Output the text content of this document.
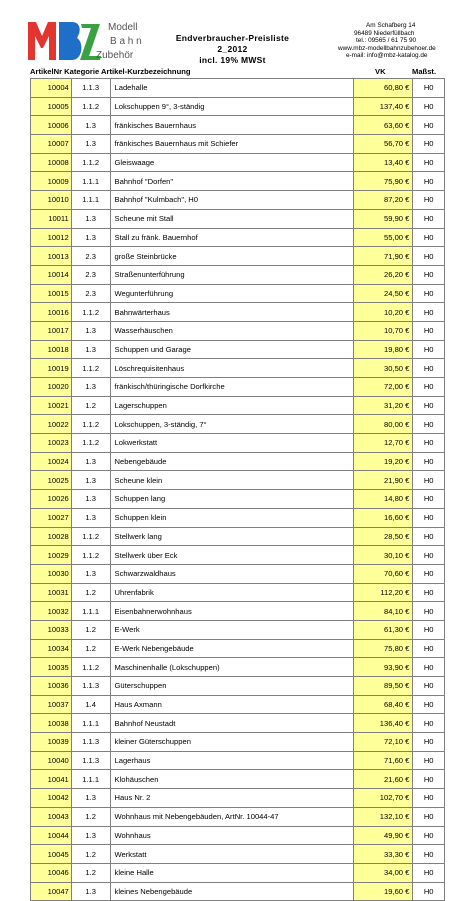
Modell
B a h n
Zubehör
Endverbraucher-Preisliste 2_2012
incl. 19% MWSt
Am Schafberg 14
96489 Niederfüllbach
tel.: 09565 / 61 75 90
www.mbz-modellbahnzubehoer.de
e-mail: info@mbz-katalog.de
ArtikelNr Kategorie Artikel-Kurzbezeichnung	VK	Maßst.
10004	1.1.3	Ladehalle	60,80 €	H0
10005	1.1.2	Lokschuppen 9°, 3-ständig	137,40 €	H0
10006	1.3	fränkisches Bauernhaus	63,60 €	H0
10007	1.3	fränkisches Bauernhaus mit Schiefer	56,70 €	H0
10008	1.1.2	Gleiswaage	13,40 €	H0
10009	1.1.1	Bahnhof "Dorfen"	75,90 €	H0
10010	1.1.1	Bahnhof "Kulmbach", H0	87,20 €	H0
10011	1.3	Scheune mit Stall	59,90 €	H0
10012	1.3	Stall zu fränk. Bauernhof	55,00 €	H0
10013	2.3	große Steinbrücke	71,90 €	H0
10014	2.3	Straßenunterführung	26,20 €	H0
10015	2.3	Wegunterführung	24,50 €	H0
10016	1.1.2	Bahnwärterhaus	10,20 €	H0
10017	1.3	Wasserhäuschen	10,70 €	H0
10018	1.3	Schuppen und Garage	19,80 €	H0
10019	1.1.2	Löschrequisitenhaus	30,50 €	H0
10020	1.3	fränkisch/thüringische Dorfkirche	72,00 €	H0
10021	1.2	Lagerschuppen	31,20 €	H0
10022	1.1.2	Lokschuppen, 3-ständig, 7°	80,00 €	H0
10023	1.1.2	Lokwerkstatt	12,70 €	H0
10024	1.3	Nebengebäude	19,20 €	H0
10025	1.3	Scheune klein	21,90 €	H0
10026	1.3	Schuppen lang	14,80 €	H0
10027	1.3	Schuppen klein	16,60 €	H0
10028	1.1.2	Stellwerk lang	28,50 €	H0
10029	1.1.2	Stellwerk über Eck	30,10 €	H0
10030	1.3	Schwarzwaldhaus	70,60 €	H0
10031	1.2	Uhrenfabrik	112,20 €	H0
10032	1.1.1	Eisenbahnerwohnhaus	84,10 €	H0
10033	1.2	E-Werk	61,30 €	H0
10034	1.2	E-Werk Nebengebäude	75,80 €	H0
10035	1.1.2	Maschinenhalle (Lokschuppen)	93,90 €	H0
10036	1.1.3	Güterschuppen	89,50 €	H0
10037	1.4	Haus Axmann	68,40 €	H0
10038	1.1.1	Bahnhof Neustadt	136,40 €	H0
10039	1.1.3	kleiner Güterschuppen	72,10 €	H0
10040	1.1.3	Lagerhaus	71,60 €	H0
10041	1.1.1	Klohäuschen	21,60 €	H0
10042	1.3	Haus Nr. 2	102,70 €	H0
10043	1.2	Wohnhaus mit Nebengebäuden, ArtNr. 10044-47	132,10 €	H0
10044	1.3	Wohnhaus	49,90 €	H0
10045	1.2	Werkstatt	33,30 €	H0
10046	1.2	kleine Halle	34,00 €	H0
10047	1.3	kleines Nebengebäude	19,60 €	H0
